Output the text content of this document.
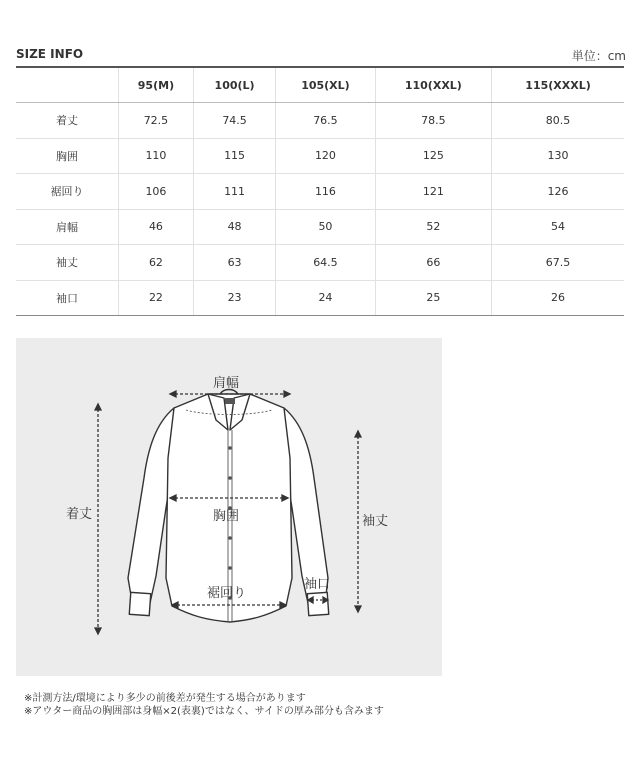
SIZE INFO	単位：cm
	95(M)	100(L)	105(XL)	110(XXL)	115(XXXL)
着丈	72.5	74.5	76.5	78.5	80.5
胸囲	110	115	120	125	130
裾回り	106	111	116	121	126
肩幅	46	48	50	52	54
袖丈	62	63	64.5	66	67.5
袖口	22	23	24	25	26
肩幅
着丈	胸囲	袖丈
裾回り
袖口
※計測方法/環境により多少の前後差が発生する場合があります
※アウター商品の胸囲部は身幅×2(表裏)ではなく、サイドの厚み部分も含みます
